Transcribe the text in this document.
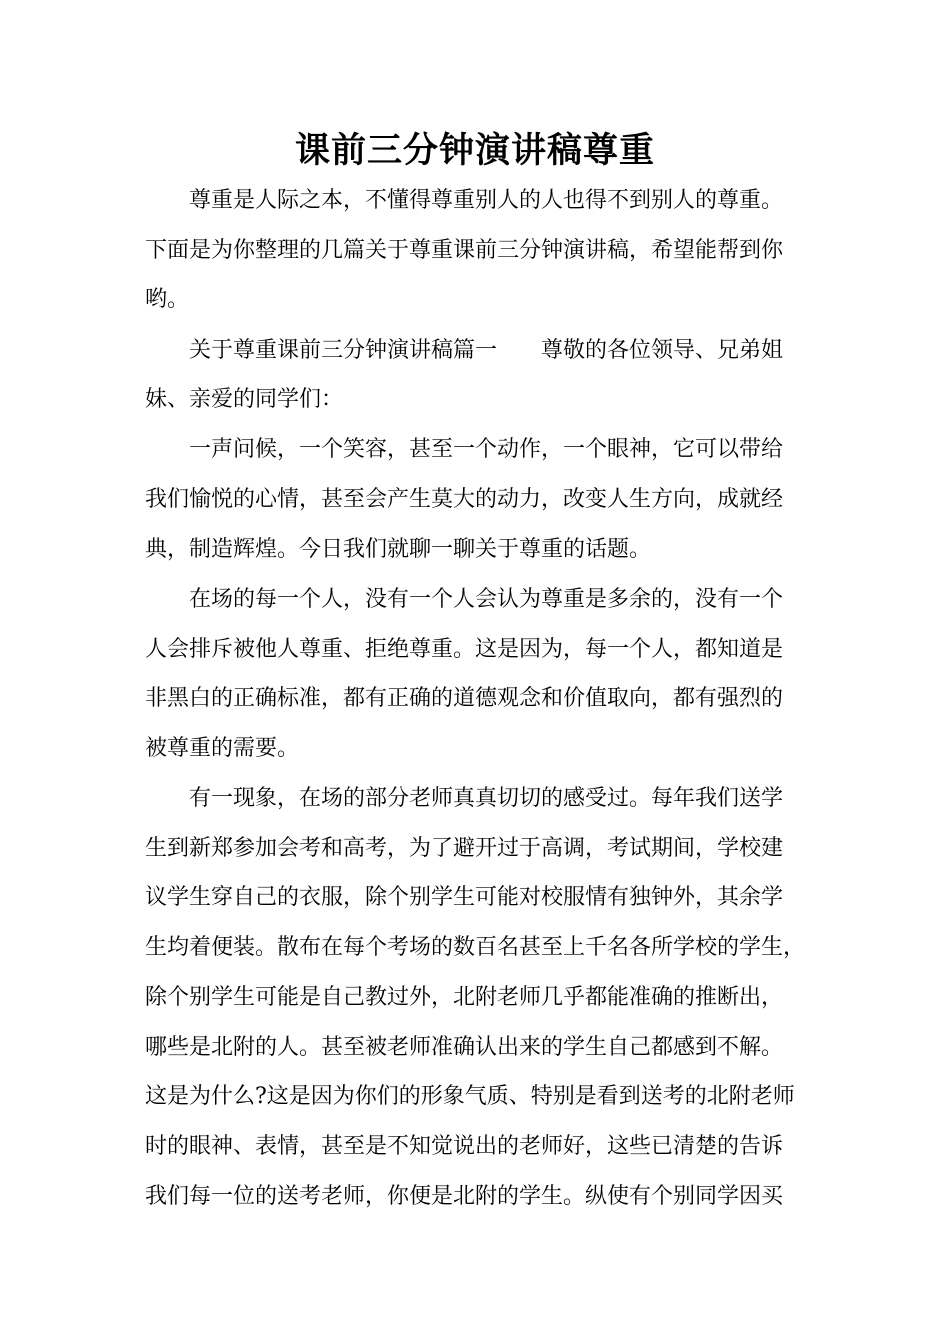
课前三分钟演讲稿尊重

尊重是人际之本，不懂得尊重别人的人也得不到别人的尊重。

下面是为你整理的几篇关于尊重课前三分钟演讲稿，希望能帮到你

哟。

关于尊重课前三分钟演讲稿篇一　　尊敬的各位领导、兄弟姐

妹、亲爱的同学们：

一声问候，一个笑容，甚至一个动作，一个眼神，它可以带给

我们愉悦的心情，甚至会产生莫大的动力，改变人生方向，成就经

典，制造辉煌。今日我们就聊一聊关于尊重的话题。

在场的每一个人，没有一个人会认为尊重是多余的，没有一个

人会排斥被他人尊重、拒绝尊重。这是因为，每一个人，都知道是

非黑白的正确标准，都有正确的道德观念和价值取向，都有强烈的

被尊重的需要。

有一现象，在场的部分老师真真切切的感受过。每年我们送学

生到新郑参加会考和高考，为了避开过于高调，考试期间，学校建

议学生穿自己的衣服，除个别学生可能对校服情有独钟外，其余学

生均着便装。散布在每个考场的数百名甚至上千名各所学校的学生，

除个别学生可能是自己教过外，北附老师几乎都能准确的推断出，

哪些是北附的人。甚至被老师准确认出来的学生自己都感到不解。

这是为什么?这是因为你们的形象气质、特别是看到送考的北附老师

时的眼神、表情，甚至是不知觉说出的老师好，这些已清楚的告诉

我们每一位的送考老师，你便是北附的学生。纵使有个别同学因买
